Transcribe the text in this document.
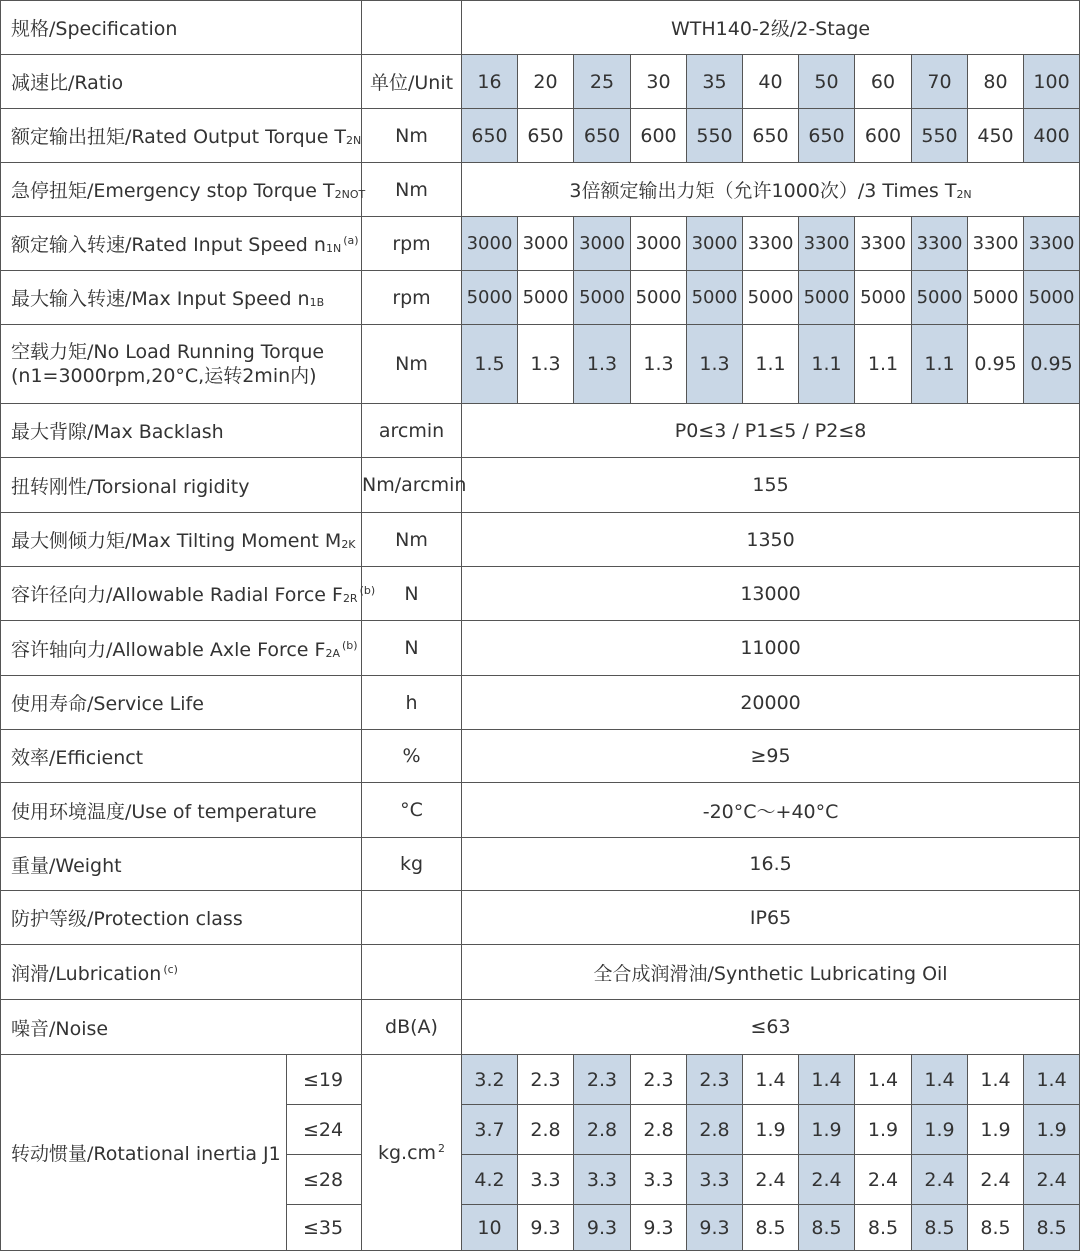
规格/Specification			WTH140-2级/2-Stage										
减速比/Ratio		单位/Unit	16	20	25	30	35	40	50	60	70	80	100
额定输出扭矩/Rated Output Torque $T_{2N}$		Nm	650	650	650	600	550	650	650	600	550	450	400
急停扭矩/Emergency stop Torque $T_{2NOT}$		Nm	3倍额定输出力矩（允许1000次）/3 Times $T_{2N}$
额定输入转速/Rated Input Speed $n_{1N}^{(a)}$		rpm	3000	3000	3000	3000	3000	3300	3300	3300	3300	3300	3300
最大输入转速/Max Input Speed $n_{1B}$		rpm	5000	5000	5000	5000	5000	5000	5000	5000	5000	5000	5000

空载力矩/No Load Running Torque
(n1=3000rpm,20°C,运转2min内)		Nm	1.5	1.3	1.3	1.3	1.3	1.1	1.1	1.1	1.1	0.95	0.95
最大背隙/Max Backlash		arcmin	P0≤3 / P1≤5 / P2≤8										
扭转刚性/Torsional rigidity		Nm/arcmin	155										
最大侧倾力矩/Max Tilting Moment $M_{2K}$		Nm	1350										
容许径向力/Allowable Radial Force $F_{2R}^{(b)}$		N	13000										
容许轴向力/Allowable Axle Force $F_{2A}^{(b)}$		N	11000										
使用寿命/Service Life		h	20000										
效率/Efficienct		%	≥95										
使用环境温度/Use of temperature		°C	-20°C～+40°C										
重量/Weight		kg	16.5										
防护等级/Protection class			IP65										
润滑/Lubrication $^{(c)}$			全合成润滑油/Synthetic Lubricating Oil										
噪音/Noise		dB(A)	≤63										
转动惯量/Rotational inertia J1	≤19	kg.cm $^2$	3.2	2.3	2.3	2.3	2.3	1.4	1.4	1.4	1.4	1.4	1.4
	≤24		3.7	2.8	2.8	2.8	2.8	1.9	1.9	1.9	1.9	1.9	1.9
	≤28		4.2	3.3	3.3	3.3	3.3	2.4	2.4	2.4	2.4	2.4	2.4
	≤35		10	9.3	9.3	9.3	9.3	8.5	8.5	8.5	8.5	8.5	8.5
